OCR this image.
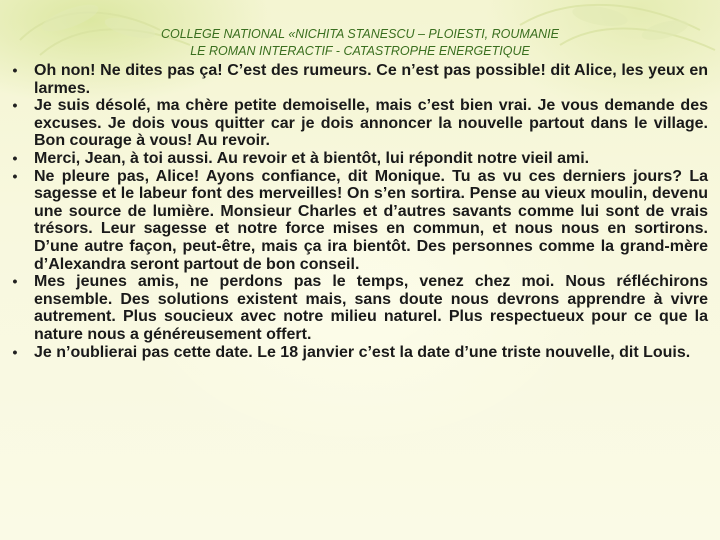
COLLEGE NATIONAL «NICHITA STANESCU – PLOIESTI, ROUMANIE
LE ROMAN INTERACTIF - CATASTROPHE ENERGETIQUE
• Oh non! Ne dites pas ça! C’est des rumeurs. Ce n’est pas possible! dit Alice, les yeux en larmes.
• Je suis désolé, ma chère petite demoiselle, mais c’est bien vrai. Je vous demande des excuses. Je dois vous quitter car je dois annoncer la nouvelle partout dans le village. Bon courage à vous! Au revoir.
• Merci, Jean, à toi aussi. Au revoir et à bientôt, lui répondit notre vieil ami.
• Ne pleure pas, Alice! Ayons confiance, dit Monique. Tu as vu ces derniers jours? La sagesse et le labeur font des merveilles! On s’en sortira. Pense au vieux moulin, devenu une source de lumière. Monsieur Charles et d’autres savants comme lui sont de vrais trésors. Leur sagesse et notre force mises en commun, et nous nous en sortirons. D’une autre façon, peut-être, mais ça ira bientôt. Des personnes comme la grand-mère d’Alexandra seront partout de bon conseil.
• Mes jeunes amis, ne perdons pas le temps, venez chez moi. Nous réfléchirons ensemble. Des solutions existent mais, sans doute nous devrons apprendre à vivre autrement. Plus soucieux avec notre milieu naturel. Plus respectueux pour ce que la nature nous a généreusement offert.
• Je n’oublierai pas cette date. Le 18 janvier c’est la date d’une triste nouvelle, dit Louis.
